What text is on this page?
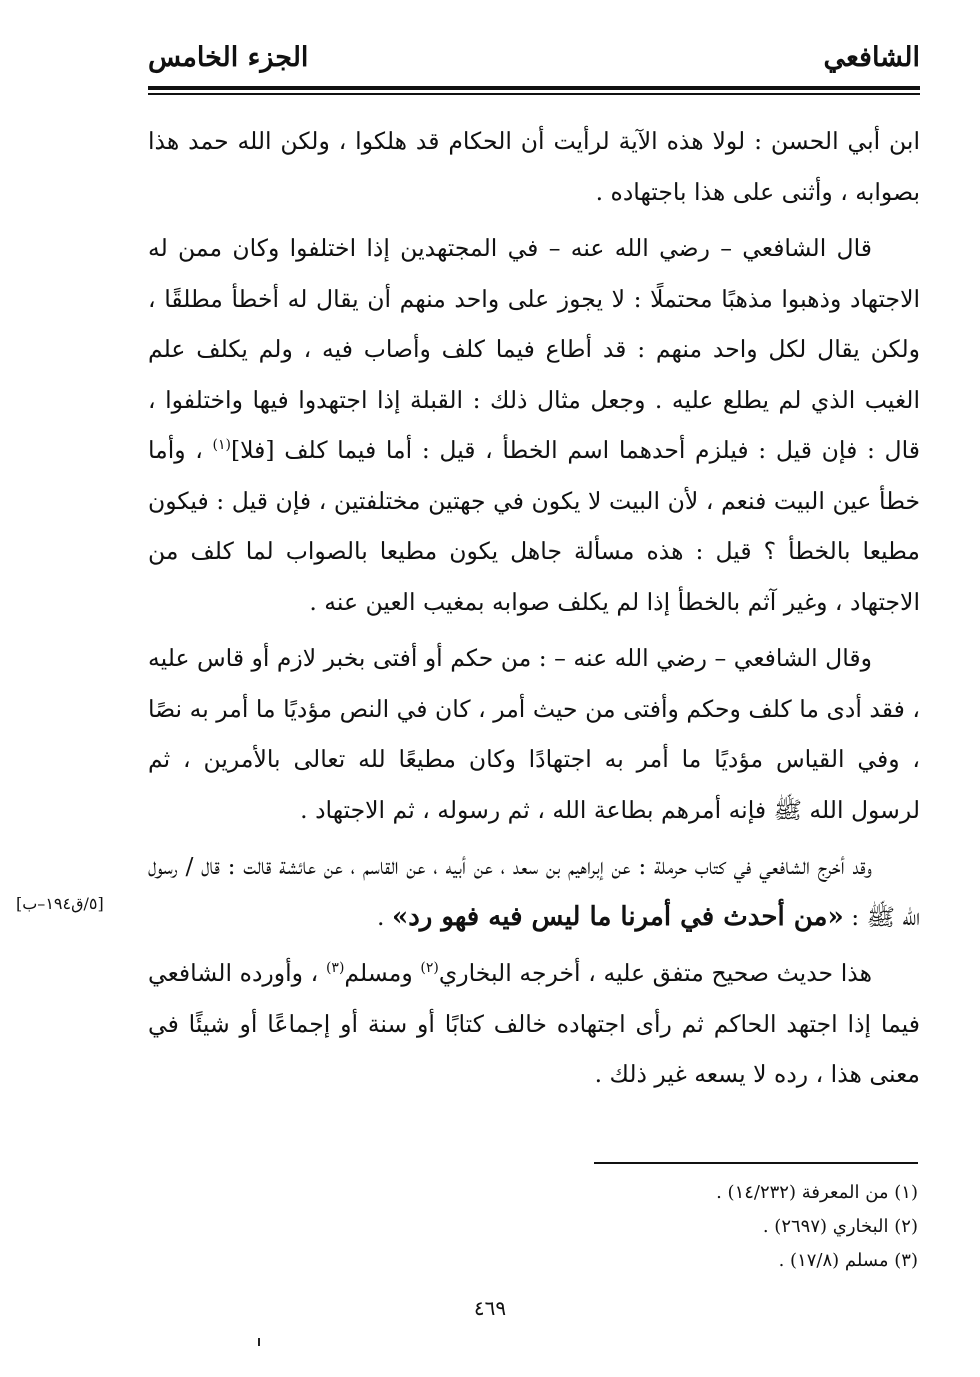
الشافعي
الجزء الخامس

ابن أبي الحسن : لولا هذه الآية لرأيت أن الحكام قد هلكوا ، ولكن الله حمد هذا بصوابه ، وأثنى على هذا باجتهاده .

قال الشافعي – رضي الله عنه – في المجتهدين إذا اختلفوا وكان ممن له الاجتهاد وذهبوا مذهبًا محتملًا : لا يجوز على واحد منهم أن يقال له أخطأ مطلقًا ، ولكن يقال لكل واحد منهم : قد أطاع فيما كلف وأصاب فيه ، ولم يكلف علم الغيب الذي لم يطلع عليه . وجعل مثال ذلك : القبلة إذا اجتهدوا فيها واختلفوا ، قال : فإن قيل : فيلزم أحدهما اسم الخطأ ، قيل : أما فيما كلف [فلا]$^{(١)}$ ، وأما خطأ عين البيت فنعم ، لأن البيت لا يكون في جهتين مختلفتين ، فإن قيل : فيكون مطيعا بالخطأ ؟ قيل : هذه مسألة جاهل يكون مطيعا بالصواب لما كلف من الاجتهاد ، وغير آثم بالخطأ إذا لم يكلف صوابه بمغيب العين عنه .

وقال الشافعي – رضي الله عنه – : من حكم أو أفتى بخبر لازم أو قاس عليه ، فقد أدى ما كلف وحكم وأفتى من حيث أمر ، كان في النص مؤديًا ما أمر به نصًا ، وفي القياس مؤديًا ما أمر به اجتهادًا وكان مطيعًا لله تعالى بالأمرين ، ثم لرسول الله ﷺ فإنه أمرهم بطاعة الله ، ثم رسوله ، ثم الاجتهاد .

وقد أخرج الشافعي في كتاب حرملة : عن إبراهيم بن سعد ، عن أبيه ، عن القاسم ، عن عائشة قالت : قال / رسول الله ﷺ : «من أحدث في أمرنا ما ليس فيه فهو رد» .

هذا حديث صحيح متفق عليه ، أخرجه البخاري$^{(٢)}$ ومسلم$^{(٣)}$ ، وأورده الشافعي فيما إذا اجتهد الحاكم ثم رأى اجتهاده خالف كتابًا أو سنة أو إجماعًا أو شيئًا في معنى هذا ، رده لا يسعه غير ذلك .

[٥/ق١٩٤–ب]
(١) من المعرفة (١٤/٢٣٢) .
(٢) البخاري (٢٦٩٧) .
(٣) مسلم (١٧/٨) .
٤٦٩
